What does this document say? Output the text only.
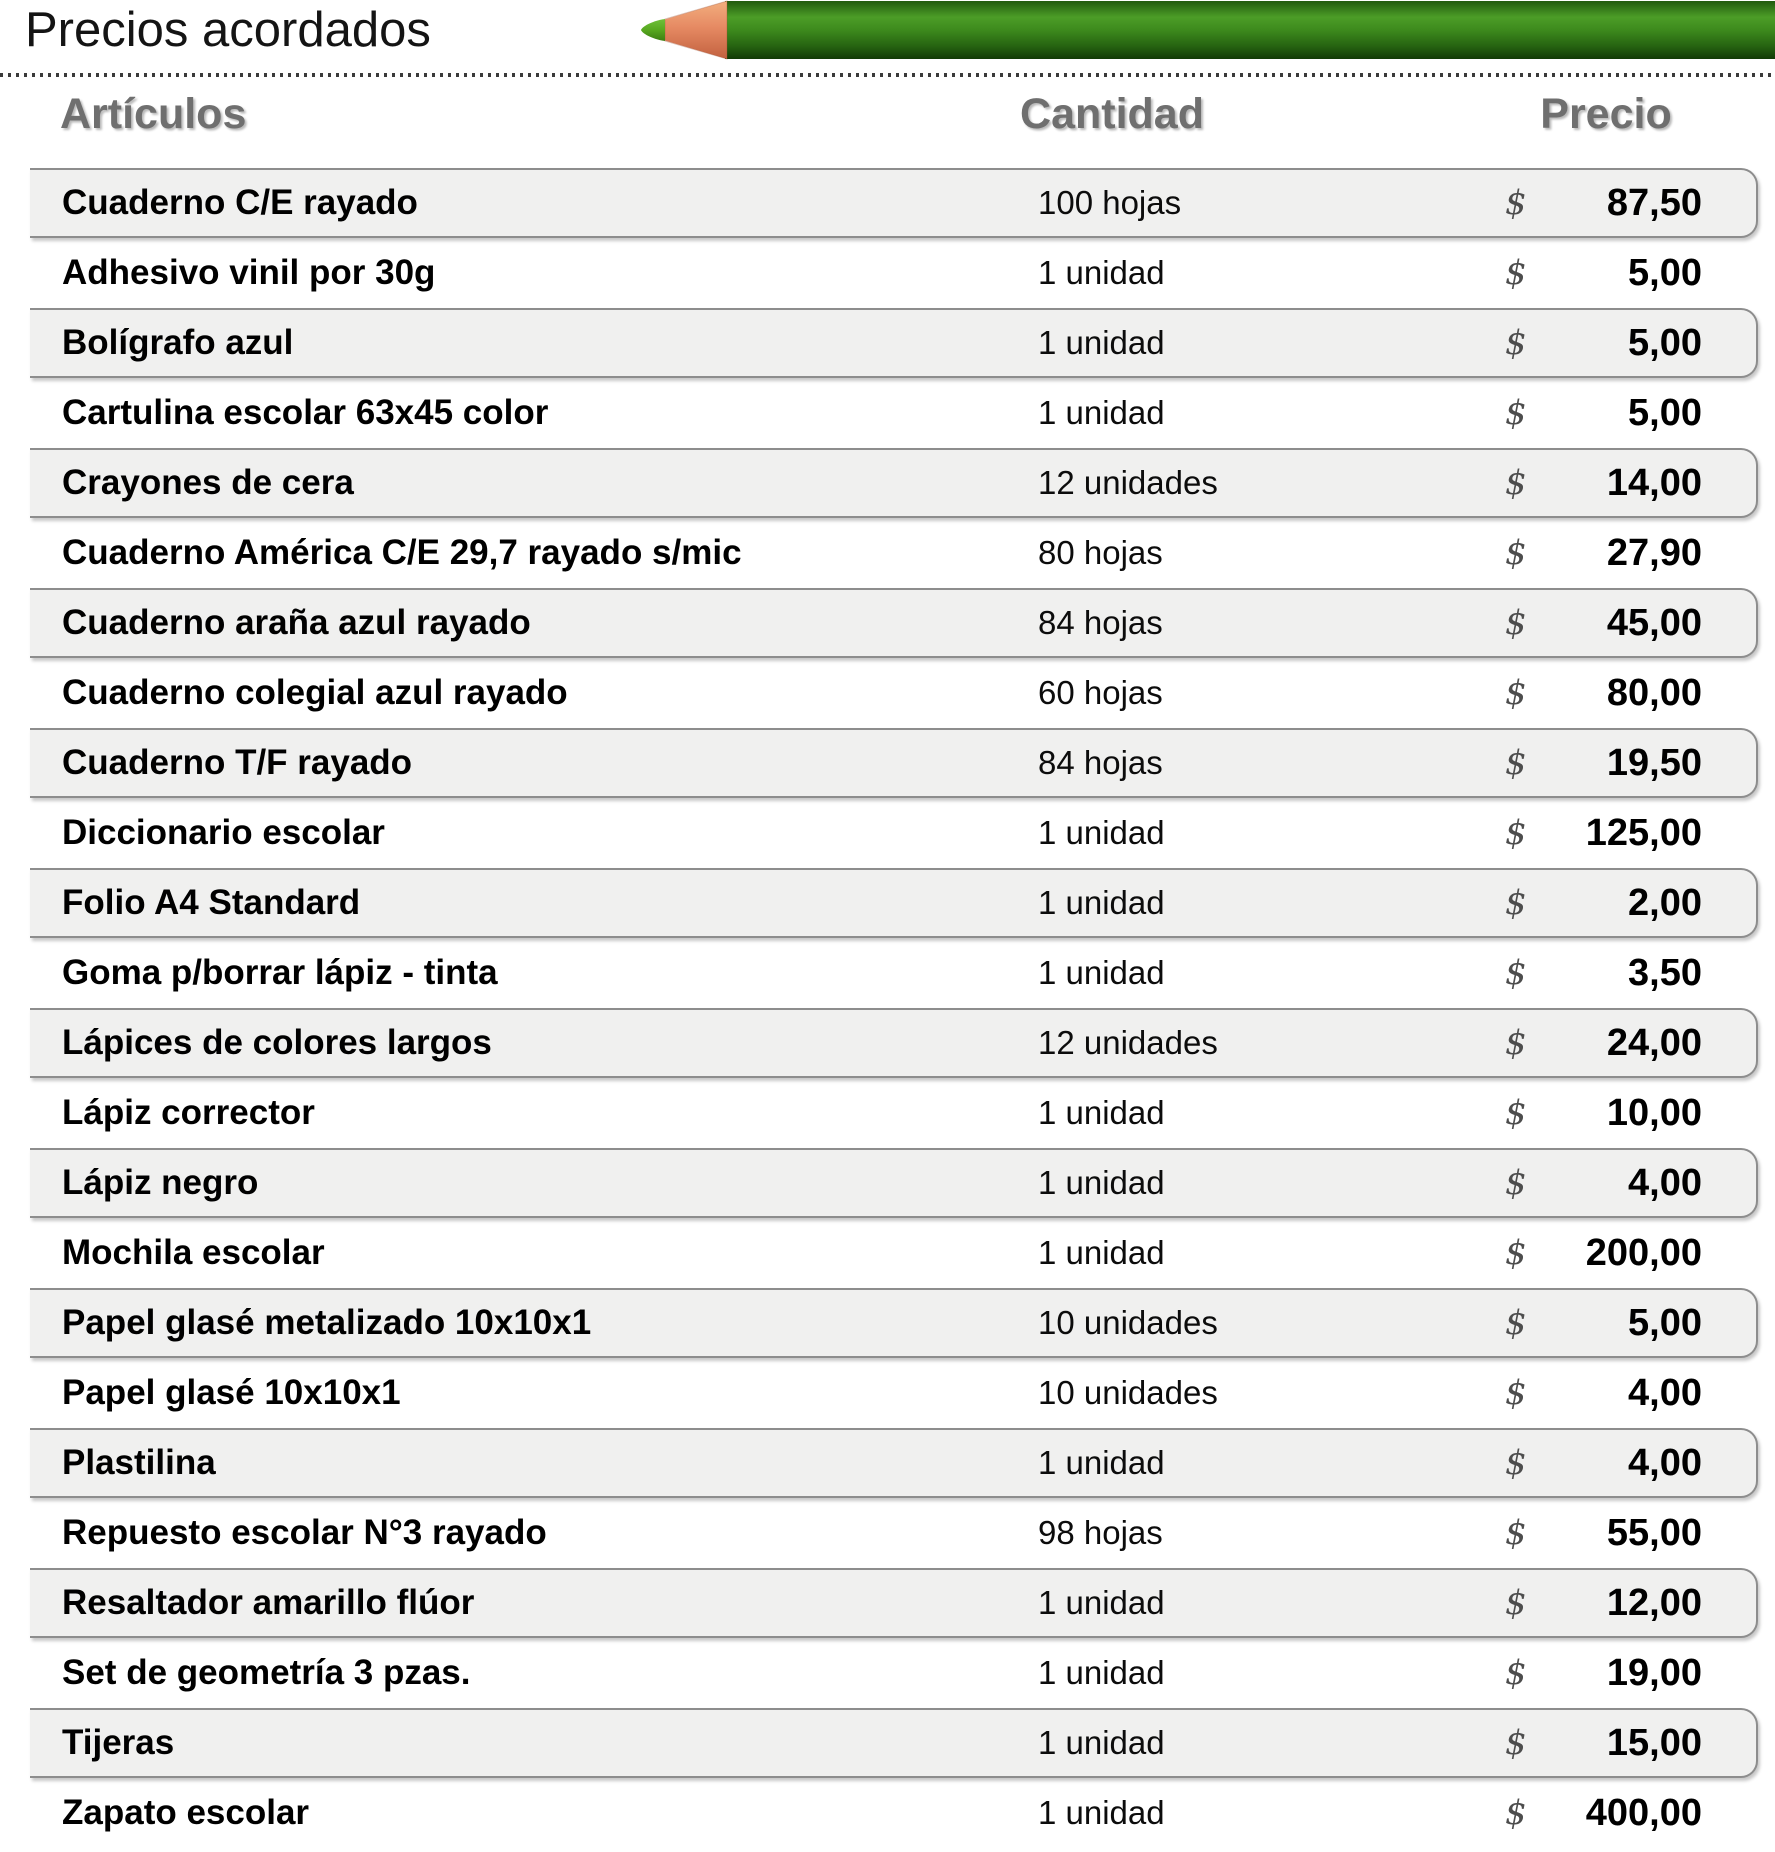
Precios acordados
Artículos	Cantidad	Precio
Cuaderno C/E rayado	100 hojas	$	87,50
Adhesivo vinil por 30g	1 unidad	$	5,00
Bolígrafo azul	1 unidad	$	5,00
Cartulina escolar 63x45 color	1 unidad	$	5,00
Crayones de cera	12 unidades	$	14,00
Cuaderno América C/E 29,7 rayado s/mic	80 hojas	$	27,90
Cuaderno araña azul rayado	84 hojas	$	45,00
Cuaderno colegial azul rayado	60 hojas	$	80,00
Cuaderno T/F rayado	84 hojas	$	19,50
Diccionario escolar	1 unidad	$	125,00
Folio A4 Standard	1 unidad	$	2,00
Goma p/borrar lápiz - tinta	1 unidad	$	3,50
Lápices de colores largos	12 unidades	$	24,00
Lápiz corrector	1 unidad	$	10,00
Lápiz negro	1 unidad	$	4,00
Mochila escolar	1 unidad	$	200,00
Papel glasé metalizado 10x10x1	10 unidades	$	5,00
Papel glasé 10x10x1	10 unidades	$	4,00
Plastilina	1 unidad	$	4,00
Repuesto escolar N°3 rayado	98 hojas	$	55,00
Resaltador amarillo flúor	1 unidad	$	12,00
Set de geometría 3 pzas.	1 unidad	$	19,00
Tijeras	1 unidad	$	15,00
Zapato escolar	1 unidad	$	400,00
